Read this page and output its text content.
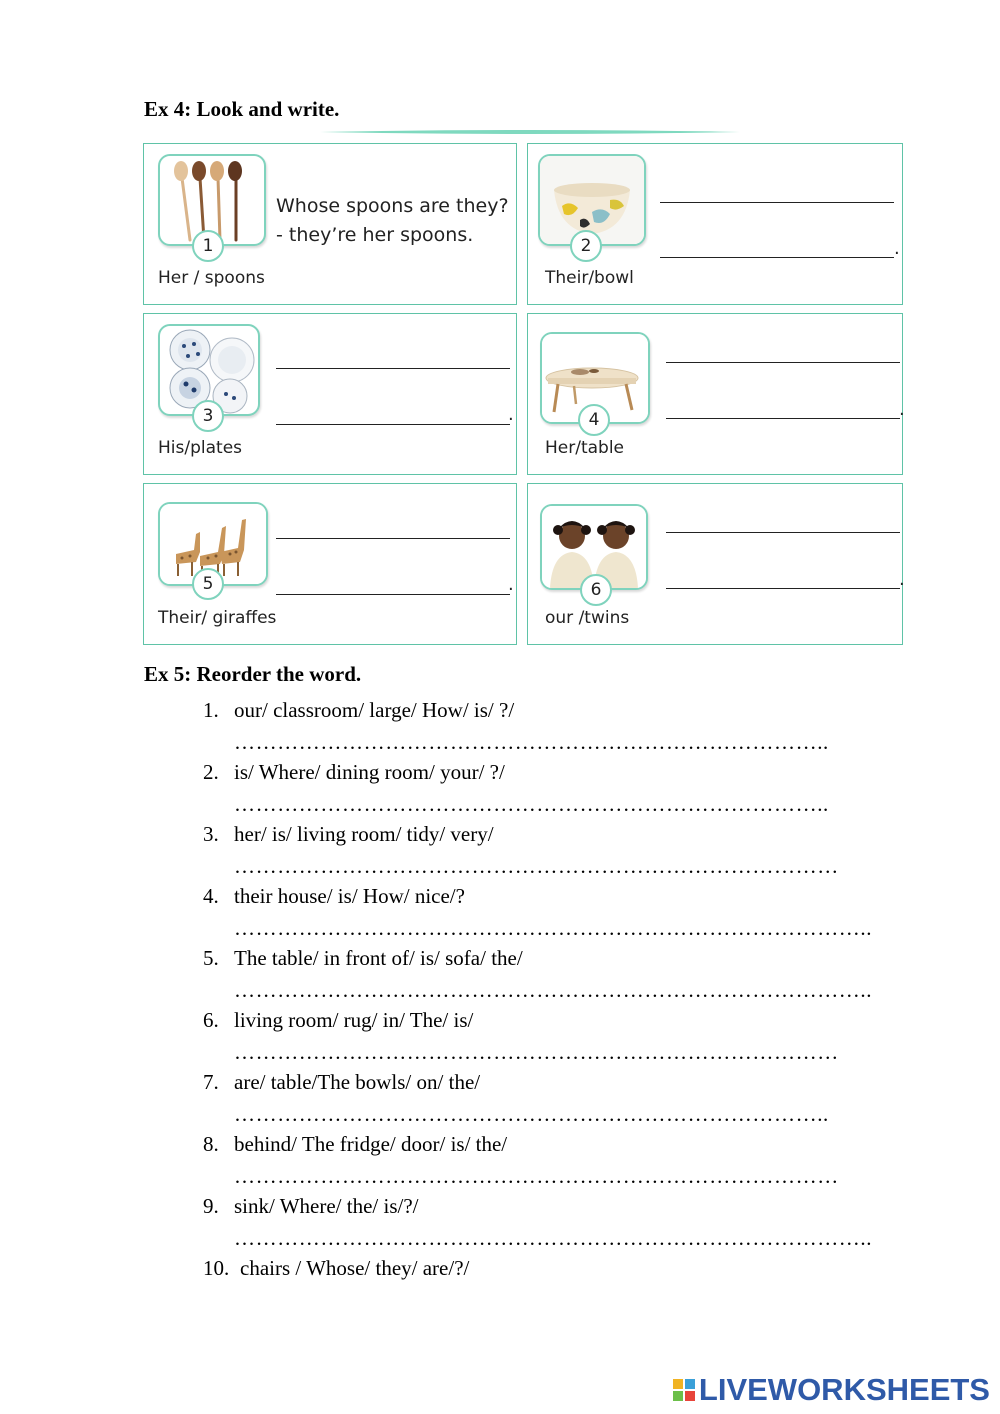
Ex 4: Look and write.
1
Her / spoons
Whose spoons are they?
- they’re her spoons.	2
Their/bowl
.
3
His/plates
.	4
Her/table
.
5
Their/ giraffes
.	6
our /twins
.
Ex 5: Reorder the word.
1. our/ classroom/ large/ How/ is/ ?/
………………………………………………………………………..
2. is/ Where/ dining room/ your/ ?/
………………………………………………………………………..
3. her/ is/ living room/ tidy/ very/
…………………………………………………………………………
4. their house/ is/ How/ nice/?
……………………………………………………………………………..
5. The table/ in front of/ is/ sofa/ the/
……………………………………………………………………………..
6. living room/ rug/ in/ The/ is/
…………………………………………………………………………
7. are/ table/The bowls/ on/ the/
………………………………………………………………………..
8. behind/ The fridge/ door/ is/ the/
…………………………………………………………………………
9. sink/ Where/ the/ is/?/
……………………………………………………………………………..
10. chairs / Whose/ they/ are/?/
LIVEWORKSHEETS
